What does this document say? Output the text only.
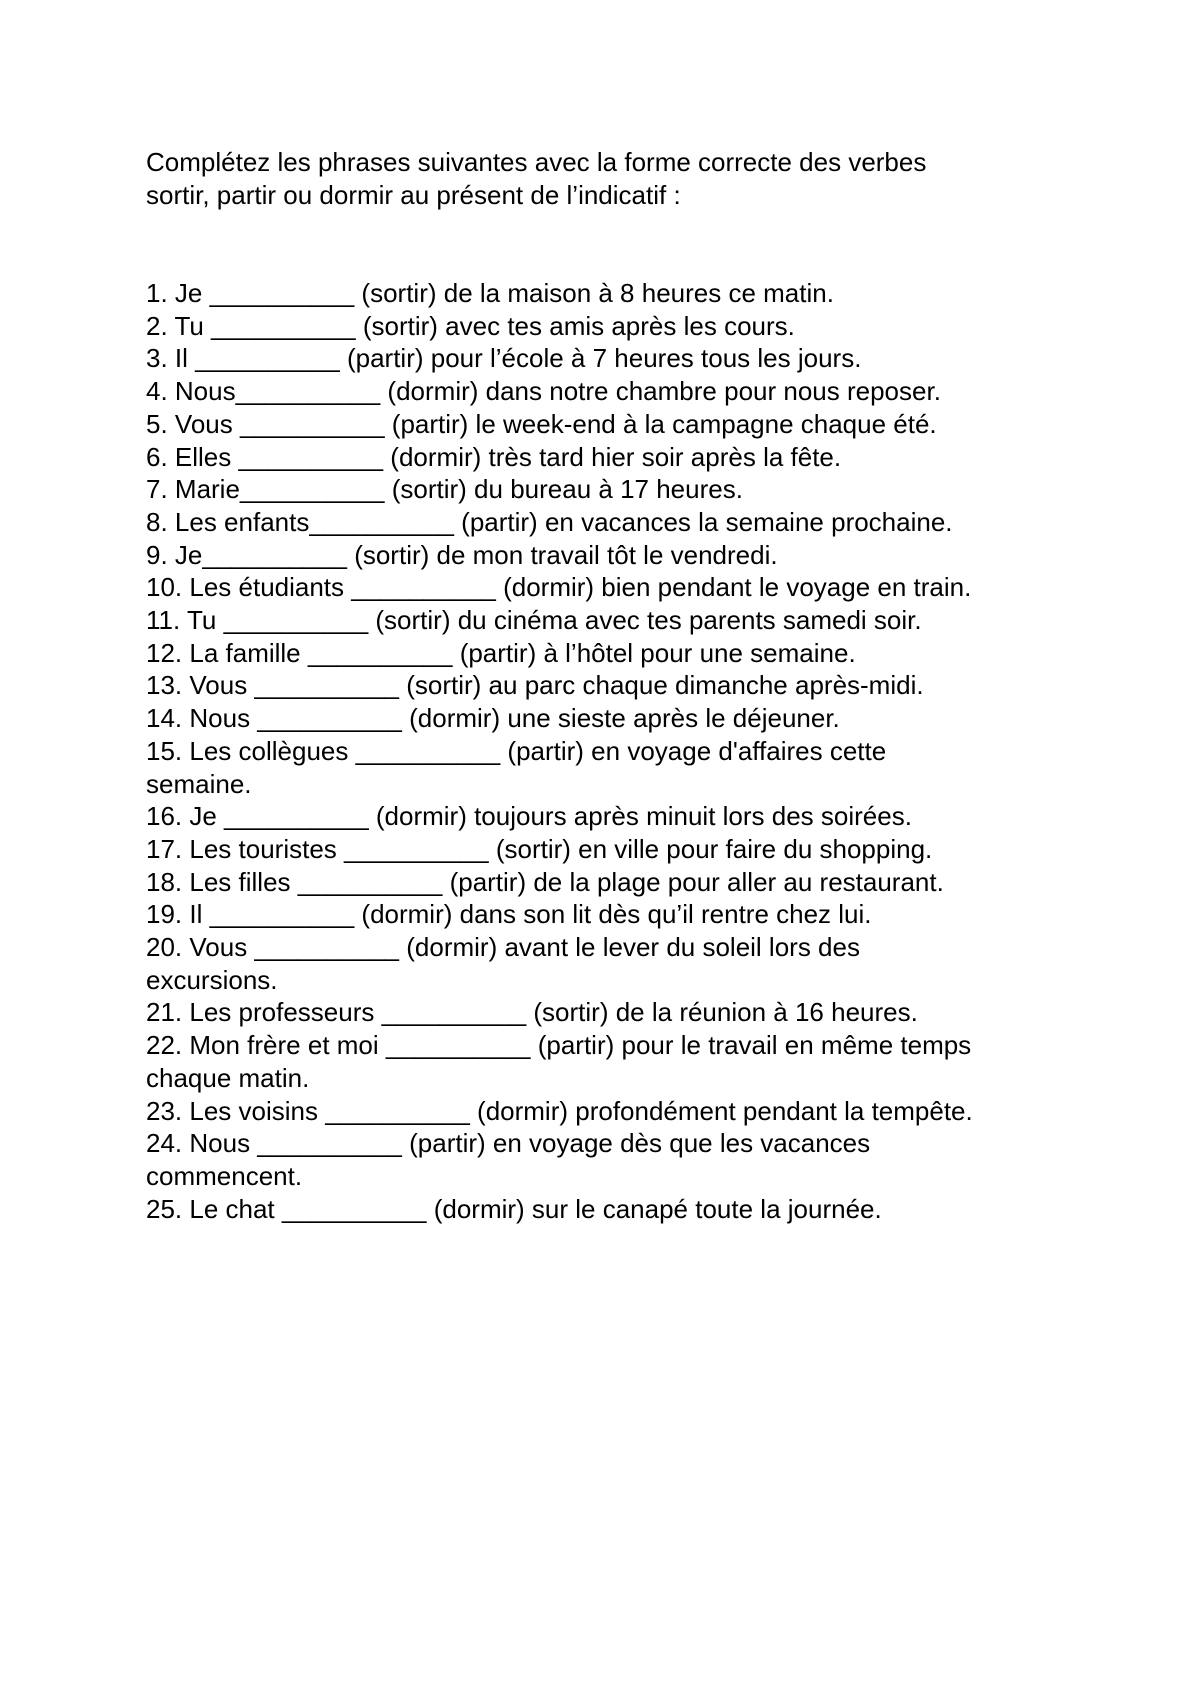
Complétez les phrases suivantes avec la forme correcte des verbes
sortir, partir ou dormir au présent de l’indicatif :

1. Je __________ (sortir) de la maison à 8 heures ce matin.
2. Tu __________ (sortir) avec tes amis après les cours.
3. Il __________ (partir) pour l’école à 7 heures tous les jours.
4. Nous__________ (dormir) dans notre chambre pour nous reposer.
5. Vous __________ (partir) le week-end à la campagne chaque été.
6. Elles __________ (dormir) très tard hier soir après la fête.
7. Marie__________ (sortir) du bureau à 17 heures.
8. Les enfants__________ (partir) en vacances la semaine prochaine.
9. Je__________ (sortir) de mon travail tôt le vendredi.
10. Les étudiants __________ (dormir) bien pendant le voyage en train.
11. Tu __________ (sortir) du cinéma avec tes parents samedi soir.
12. La famille __________ (partir) à l’hôtel pour une semaine.
13. Vous __________ (sortir) au parc chaque dimanche après-midi.
14. Nous __________ (dormir) une sieste après le déjeuner.
15. Les collègues __________ (partir) en voyage d'affaires cette
semaine.
16. Je __________ (dormir) toujours après minuit lors des soirées.
17. Les touristes __________ (sortir) en ville pour faire du shopping.
18. Les filles __________ (partir) de la plage pour aller au restaurant.
19. Il __________ (dormir) dans son lit dès qu’il rentre chez lui.
20. Vous __________ (dormir) avant le lever du soleil lors des
excursions.
21. Les professeurs __________ (sortir) de la réunion à 16 heures.
22. Mon frère et moi __________ (partir) pour le travail en même temps
chaque matin.
23. Les voisins __________ (dormir) profondément pendant la tempête.
24. Nous __________ (partir) en voyage dès que les vacances
commencent.
25. Le chat __________ (dormir) sur le canapé toute la journée.
